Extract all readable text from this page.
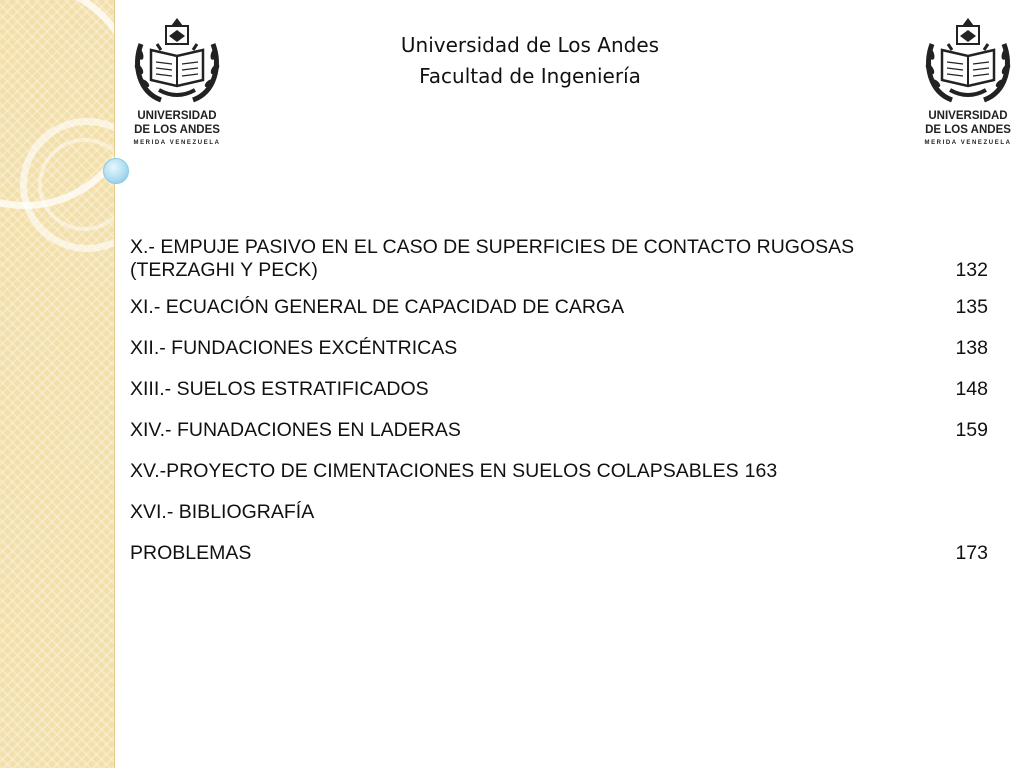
UNIVERSIDAD
DE LOS ANDES
MERIDA VENEZUELA
UNIVERSIDAD
DE LOS ANDES
MERIDA VENEZUELA
Universidad de Los Andes
Facultad de Ingeniería
X.- EMPUJE PASIVO EN EL CASO DE SUPERFICIES DE CONTACTO RUGOSAS
(TERZAGHI Y PECK)	132
XI.- ECUACIÓN GENERAL DE CAPACIDAD DE CARGA	135
XII.- FUNDACIONES EXCÉNTRICAS	138
XIII.- SUELOS ESTRATIFICADOS	148
XIV.- FUNADACIONES EN LADERAS	159
XV.-PROYECTO DE CIMENTACIONES EN SUELOS COLAPSABLES 163
XVI.- BIBLIOGRAFÍA
PROBLEMAS	173
